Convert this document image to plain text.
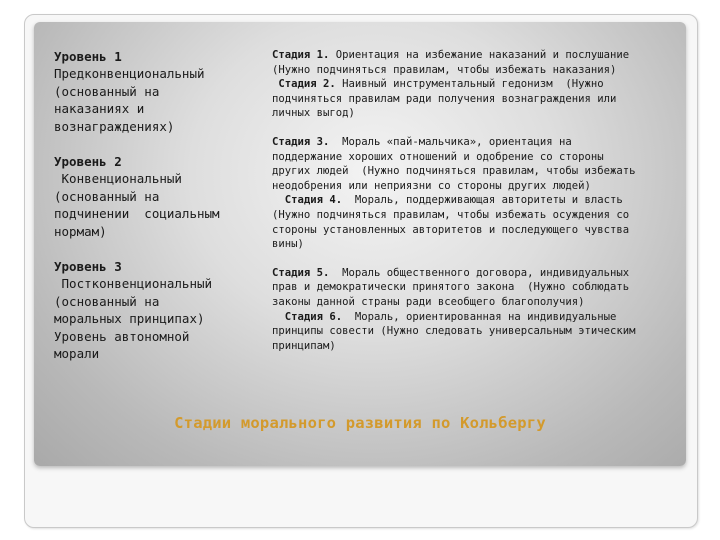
Уровень 1
Предконвенциональный
(основанный на
наказаниях и
вознаграждениях)
Уровень 2
Конвенциональный
(основанный на
подчинении  социальным
нормам)
Уровень 3
Постконвенциональный
(основанный на
моральных принципах)
Уровень автономной
морали
Стадия 1. Ориентация на избежание наказаний и послушание
(Нужно подчиняться правилам, чтобы избежать наказания)
Стадия 2. Наивный инструментальный гедонизм  (Нужно
подчиняться правилам ради получения вознаграждения или
личных выгод)
Стадия 3.  Мораль «пай-мальчика», ориентация на
поддержание хороших отношений и одобрение со стороны
других людей  (Нужно подчиняться правилам, чтобы избежать
неодобрения или неприязни со стороны других людей)
Стадия 4.  Мораль, поддерживающая авторитеты и власть
(Нужно подчиняться правилам, чтобы избежать осуждения со
стороны установленных авторитетов и последующего чувства
вины)
Стадия 5.  Мораль общественного договора, индивидуальных
прав и демократически принятого закона  (Нужно соблюдать
законы данной страны ради всеобщего благополучия)
Стадия 6.  Мораль, ориентированная на индивидуальные
принципы совести (Нужно следовать универсальным этическим
принципам)
Стадии морального развития по Кольбергу
